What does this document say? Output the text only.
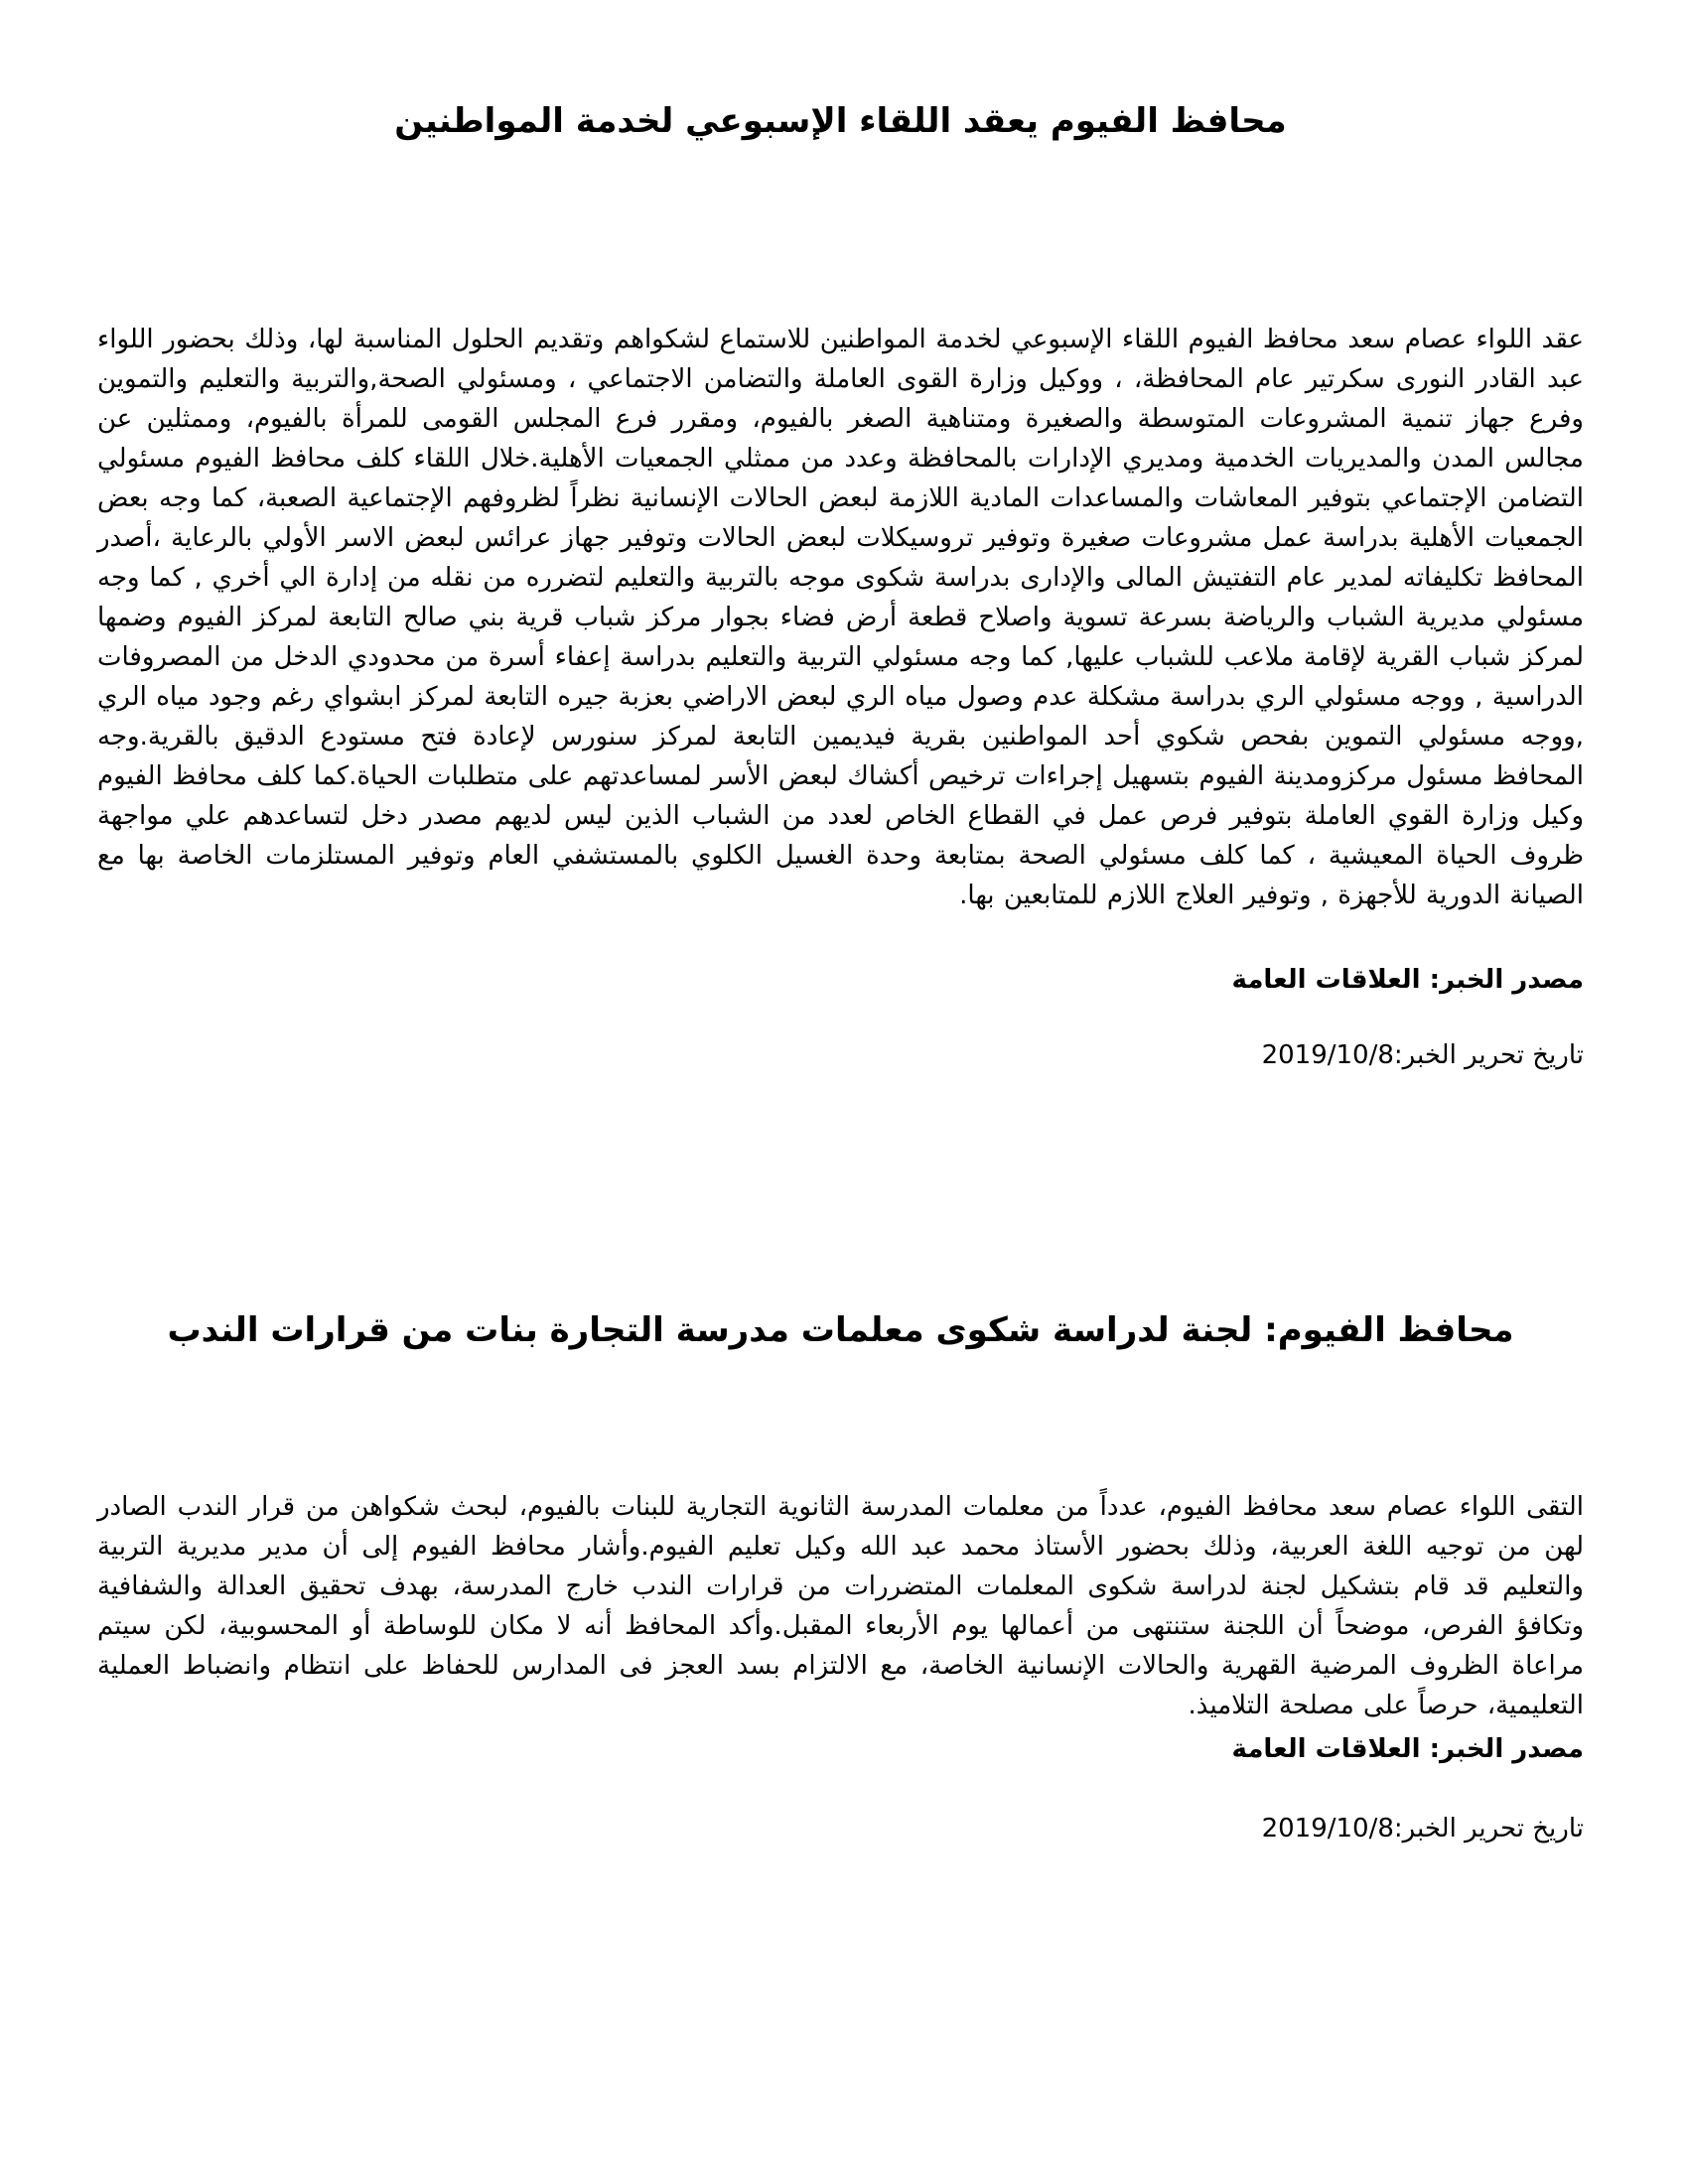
محافظ الفيوم يعقد اللقاء الإسبوعي لخدمة المواطنين
عقد اللواء عصام سعد محافظ الفيوم اللقاء الإسبوعي لخدمة المواطنين للاستماع لشكواهم وتقديم الحلول المناسبة لها، وذلك بحضور اللواء عبد القادر النورى سكرتير عام المحافظة، ، ووكيل وزارة القوى العاملة والتضامن الاجتماعي ، ومسئولي الصحة,والتربية والتعليم والتموين وفرع جهاز تنمية المشروعات المتوسطة والصغيرة ومتناهية الصغر بالفيوم، ومقرر فرع المجلس القومى للمرأة بالفيوم، وممثلين عن مجالس المدن والمديريات الخدمية ومديري الإدارات بالمحافظة وعدد من ممثلي الجمعيات الأهلية.خلال اللقاء كلف محافظ الفيوم مسئولي التضامن الإجتماعي بتوفير المعاشات والمساعدات المادية اللازمة لبعض الحالات الإنسانية نظراً لظروفهم الإجتماعية الصعبة، كما وجه بعض الجمعيات الأهلية بدراسة عمل مشروعات صغيرة وتوفير تروسيكلات لبعض الحالات وتوفير جهاز عرائس لبعض الاسر الأولي بالرعاية ،أصدر المحافظ تكليفاته لمدير عام التفتيش المالى والإدارى بدراسة شكوى موجه بالتربية والتعليم لتضرره من نقله من إدارة الي أخري , كما وجه مسئولي مديرية الشباب والرياضة بسرعة تسوية واصلاح قطعة أرض فضاء بجوار مركز شباب قرية بني صالح التابعة لمركز الفيوم وضمها لمركز شباب القرية لإقامة ملاعب للشباب عليها, كما وجه مسئولي التربية والتعليم بدراسة إعفاء أسرة من محدودي الدخل من المصروفات الدراسية , ووجه مسئولي الري بدراسة مشكلة عدم وصول مياه الري لبعض الاراضي بعزبة جيره التابعة لمركز ابشواي رغم وجود مياه الري ,ووجه مسئولي التموين بفحص شكوي أحد المواطنين بقرية فيديمين التابعة لمركز سنورس لإعادة فتح مستودع الدقيق بالقرية.وجه المحافظ مسئول مركزومدينة الفيوم بتسهيل إجراءات ترخيص أكشاك لبعض الأسر لمساعدتهم على متطلبات الحياة.كما كلف محافظ الفيوم وكيل وزارة القوي العاملة بتوفير فرص عمل في القطاع الخاص لعدد من الشباب الذين ليس لديهم مصدر دخل لتساعدهم علي مواجهة ظروف الحياة المعيشية ، كما كلف مسئولي الصحة بمتابعة وحدة الغسيل الكلوي بالمستشفي العام وتوفير المستلزمات الخاصة بها مع الصيانة الدورية للأجهزة , وتوفير العلاج اللازم للمتابعين بها.
مصدر الخبر: العلاقات العامة
تاريخ تحرير الخبر:2019/10/8
محافظ الفيوم: لجنة لدراسة شكوى معلمات مدرسة التجارة بنات من قرارات الندب
التقى اللواء عصام سعد محافظ الفيوم، عدداً من معلمات المدرسة الثانوية التجارية للبنات بالفيوم، لبحث شكواهن من قرار الندب الصادر لهن من توجيه اللغة العربية، وذلك بحضور الأستاذ محمد عبد الله وكيل تعليم الفيوم.وأشار محافظ الفيوم إلى أن مدير مديرية التربية والتعليم قد قام بتشكيل لجنة لدراسة شكوى المعلمات المتضررات من قرارات الندب خارج المدرسة، بهدف تحقيق العدالة والشفافية وتكافؤ الفرص، موضحاً أن اللجنة ستنتهى من أعمالها يوم الأربعاء المقبل.وأكد المحافظ أنه لا مكان للوساطة أو المحسوبية، لكن سيتم مراعاة الظروف المرضية القهرية والحالات الإنسانية الخاصة، مع الالتزام بسد العجز فى المدارس للحفاظ على انتظام وانضباط العملية التعليمية، حرصاً على مصلحة التلاميذ.
مصدر الخبر: العلاقات العامة
تاريخ تحرير الخبر:2019/10/8
